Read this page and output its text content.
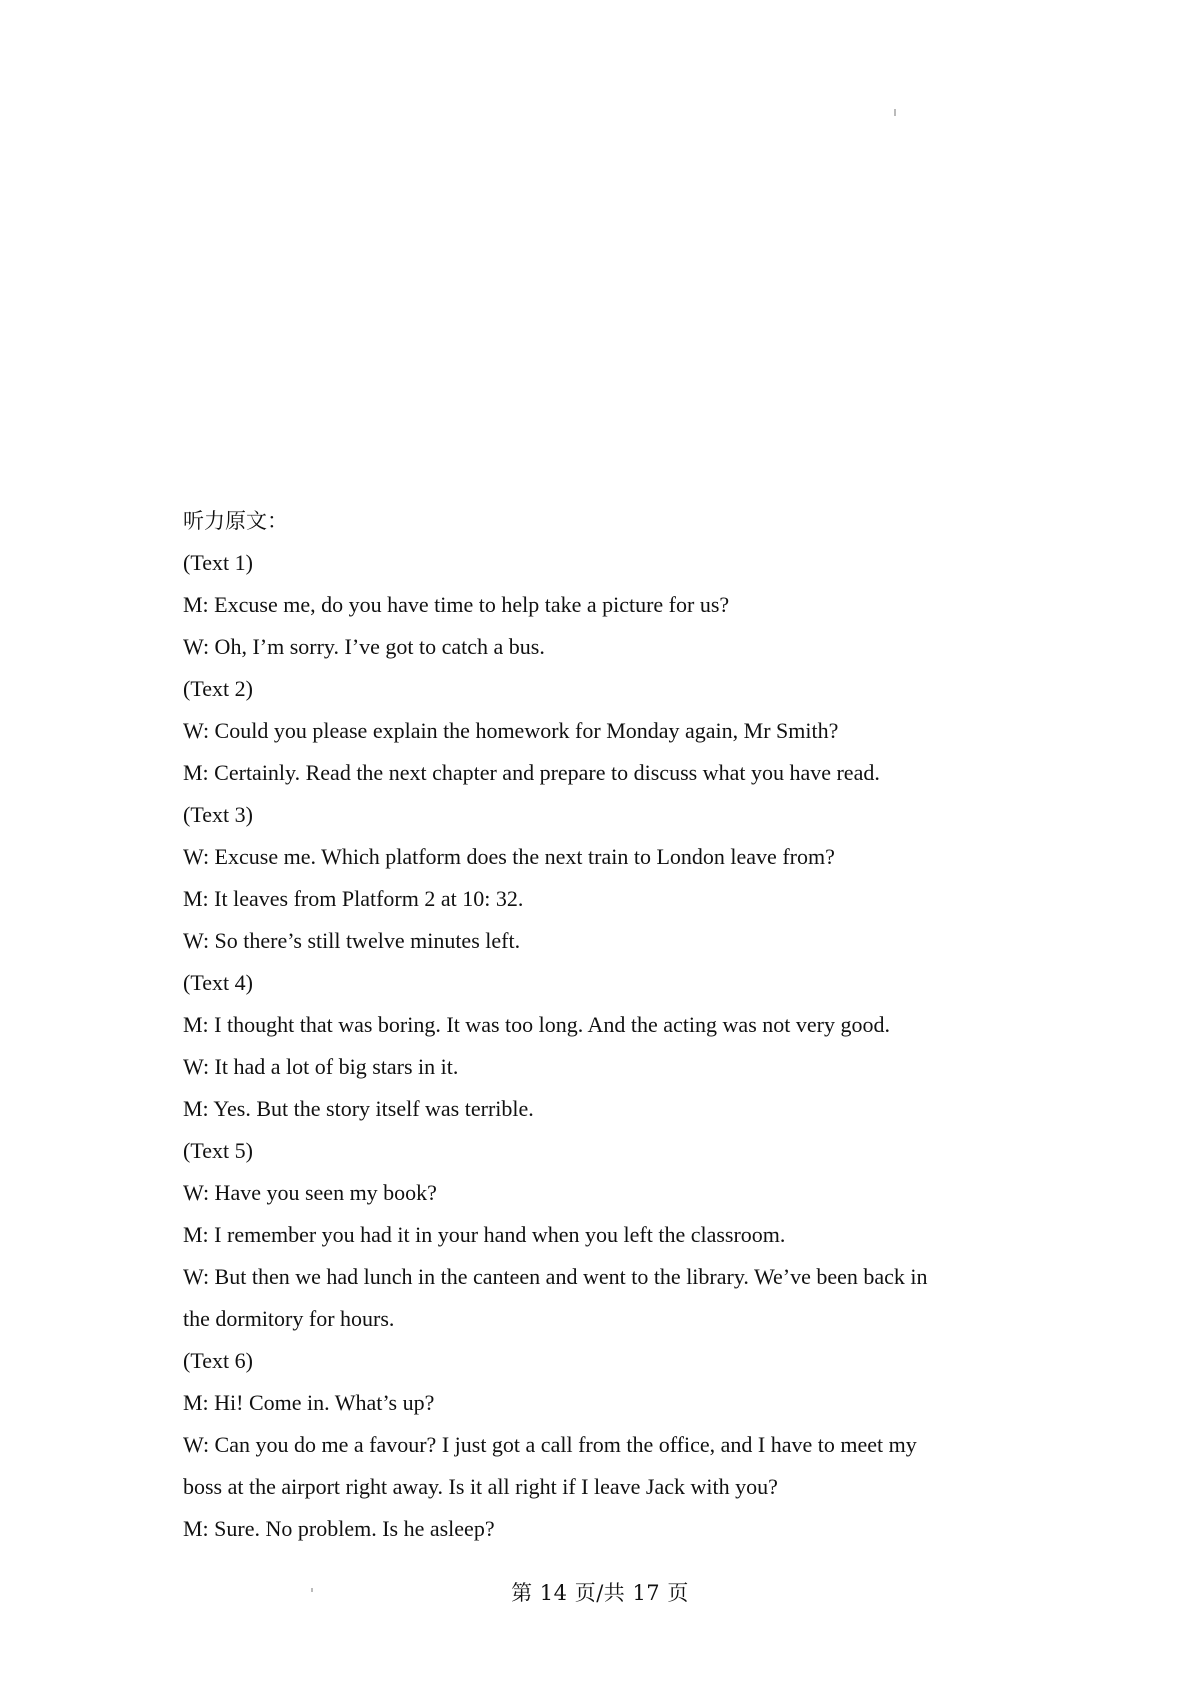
听力原文：

(Text 1)

M: Excuse me, do you have time to help take a picture for us?

W: Oh, I’m sorry. I’ve got to catch a bus.

(Text 2)

W: Could you please explain the homework for Monday again, Mr Smith?

M: Certainly. Read the next chapter and prepare to discuss what you have read.

(Text 3)

W: Excuse me. Which platform does the next train to London leave from?

M: It leaves from Platform 2 at 10: 32.

W: So there’s still twelve minutes left.

(Text 4)

M: I thought that was boring. It was too long. And the acting was not very good.

W: It had a lot of big stars in it.

M: Yes. But the story itself was terrible.

(Text 5)

W: Have you seen my book?

M: I remember you had it in your hand when you left the classroom.

W: But then we had lunch in the canteen and went to the library. We’ve been back in

the dormitory for hours.

(Text 6)

M: Hi! Come in. What’s up?

W: Can you do me a favour? I just got a call from the office, and I have to meet my

boss at the airport right away. Is it all right if I leave Jack with you?

M: Sure. No problem. Is he asleep?

第 14 页/共 17 页
